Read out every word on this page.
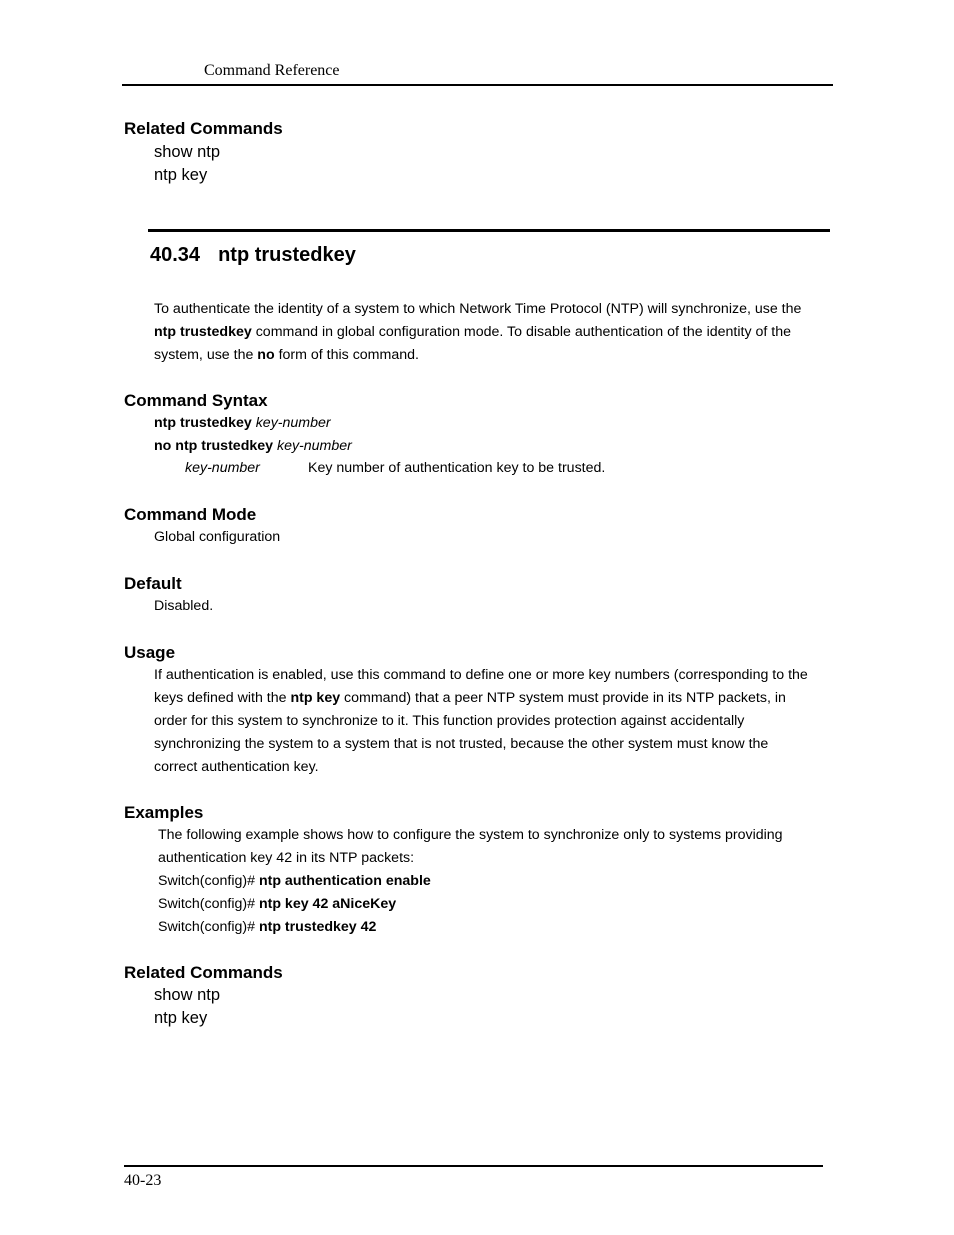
Command Reference
Related Commands
show ntp
ntp key
40.34 ntp trustedkey

To authenticate the identity of a system to which Network Time Protocol (NTP) will synchronize, use the

ntp trustedkey command in global configuration mode. To disable authentication of the identity of the

system, use the no form of this command.

Command Syntax
ntp trustedkey key-number
no ntp trustedkey key-number
key-number	Key number of authentication key to be trusted.
Command Mode
Global configuration
Default
Disabled.
Usage

If authentication is enabled, use this command to define one or more key numbers (corresponding to the

keys defined with the ntp key command) that a peer NTP system must provide in its NTP packets, in

order for this system to synchronize to it. This function provides protection against accidentally

synchronizing the system to a system that is not trusted, because the other system must know the

correct authentication key.

Examples

The following example shows how to configure the system to synchronize only to systems providing

authentication key 42 in its NTP packets:

Switch(config)# ntp authentication enable

Switch(config)# ntp key 42 aNiceKey

Switch(config)# ntp trustedkey 42

Related Commands
show ntp
ntp key
40-23
